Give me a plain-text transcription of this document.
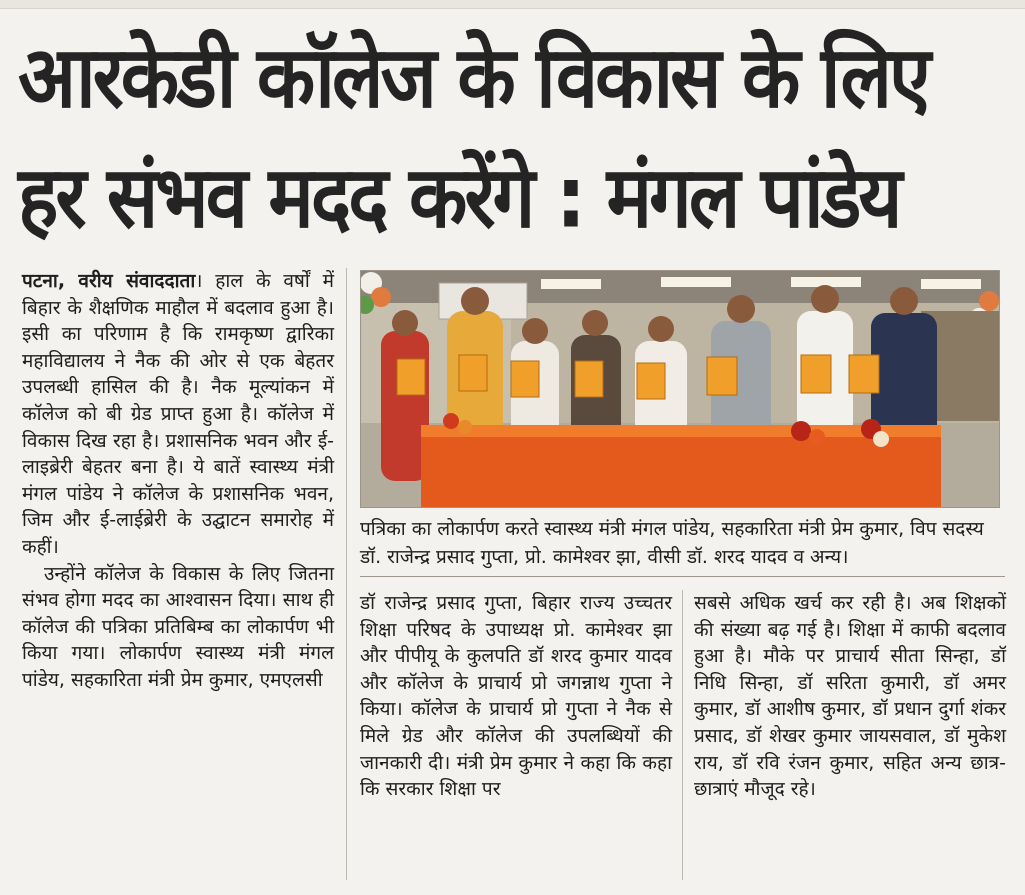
आरकेडी कॉलेज के विकास के लिए
हर संभव मदद करेंगे : मंगल पांडेय

पटना, वरीय संवाददाता। हाल के वर्षों में बिहार के शैक्षणिक माहौल में बदलाव हुआ है। इसी का परिणाम है कि रामकृष्ण द्वारिका महाविद्यालय ने नैक की ओर से एक बेहतर उपलब्धी हासिल की है। नैक मूल्यांकन में कॉलेज को बी ग्रेड प्राप्त हुआ है। कॉलेज में विकास दिख रहा है। प्रशासनिक भवन और ई-लाइब्रेरी बेहतर बना है। ये बातें स्वास्थ्य मंत्री मंगल पांडेय ने कॉलेज के प्रशासनिक भवन, जिम और ई-लाईब्रेरी के उद्घाटन समारोह में कहीं।

उन्होंने कॉलेज के विकास के लिए जितना संभव होगा मदद का आश्वासन दिया। साथ ही कॉलेज की पत्रिका प्रतिबिम्ब का लोकार्पण भी किया गया। लोकार्पण स्वास्थ्य मंत्री मंगल पांडेय, सहकारिता मंत्री प्रेम कुमार, एमएलसी

पत्रिका का लोकार्पण करते स्वास्थ्य मंत्री मंगल पांडेय, सहकारिता मंत्री प्रेम कुमार, विप सदस्य डॉ. राजेन्द्र प्रसाद गुप्ता, प्रो. कामेश्वर झा, वीसी डॉ. शरद यादव व अन्य।

डॉ राजेन्द्र प्रसाद गुप्ता, बिहार राज्य उच्चतर शिक्षा परिषद के उपाध्यक्ष प्रो. कामेश्वर झा और पीपीयू के कुलपति डॉ शरद कुमार यादव और कॉलेज के प्राचार्य प्रो जगन्नाथ गुप्ता ने किया। कॉलेज के प्राचार्य प्रो गुप्ता ने नैक से मिले ग्रेड और कॉलेज की उपलब्धियों की जानकारी दी। मंत्री प्रेम कुमार ने कहा कि कहा कि सरकार शिक्षा पर

सबसे अधिक खर्च कर रही है। अब शिक्षकों की संख्या बढ़ गई है। शिक्षा में काफी बदलाव हुआ है। मौके पर प्राचार्य सीता सिन्हा, डॉ निधि सिन्हा, डॉ सरिता कुमारी, डॉ अमर कुमार, डॉ आशीष कुमार, डॉ प्रधान दुर्गा शंकर प्रसाद, डॉ शेखर कुमार जायसवाल, डॉ मुकेश राय, डॉ रवि रंजन कुमार, सहित अन्य छात्र-छात्राएं मौजूद रहे।
